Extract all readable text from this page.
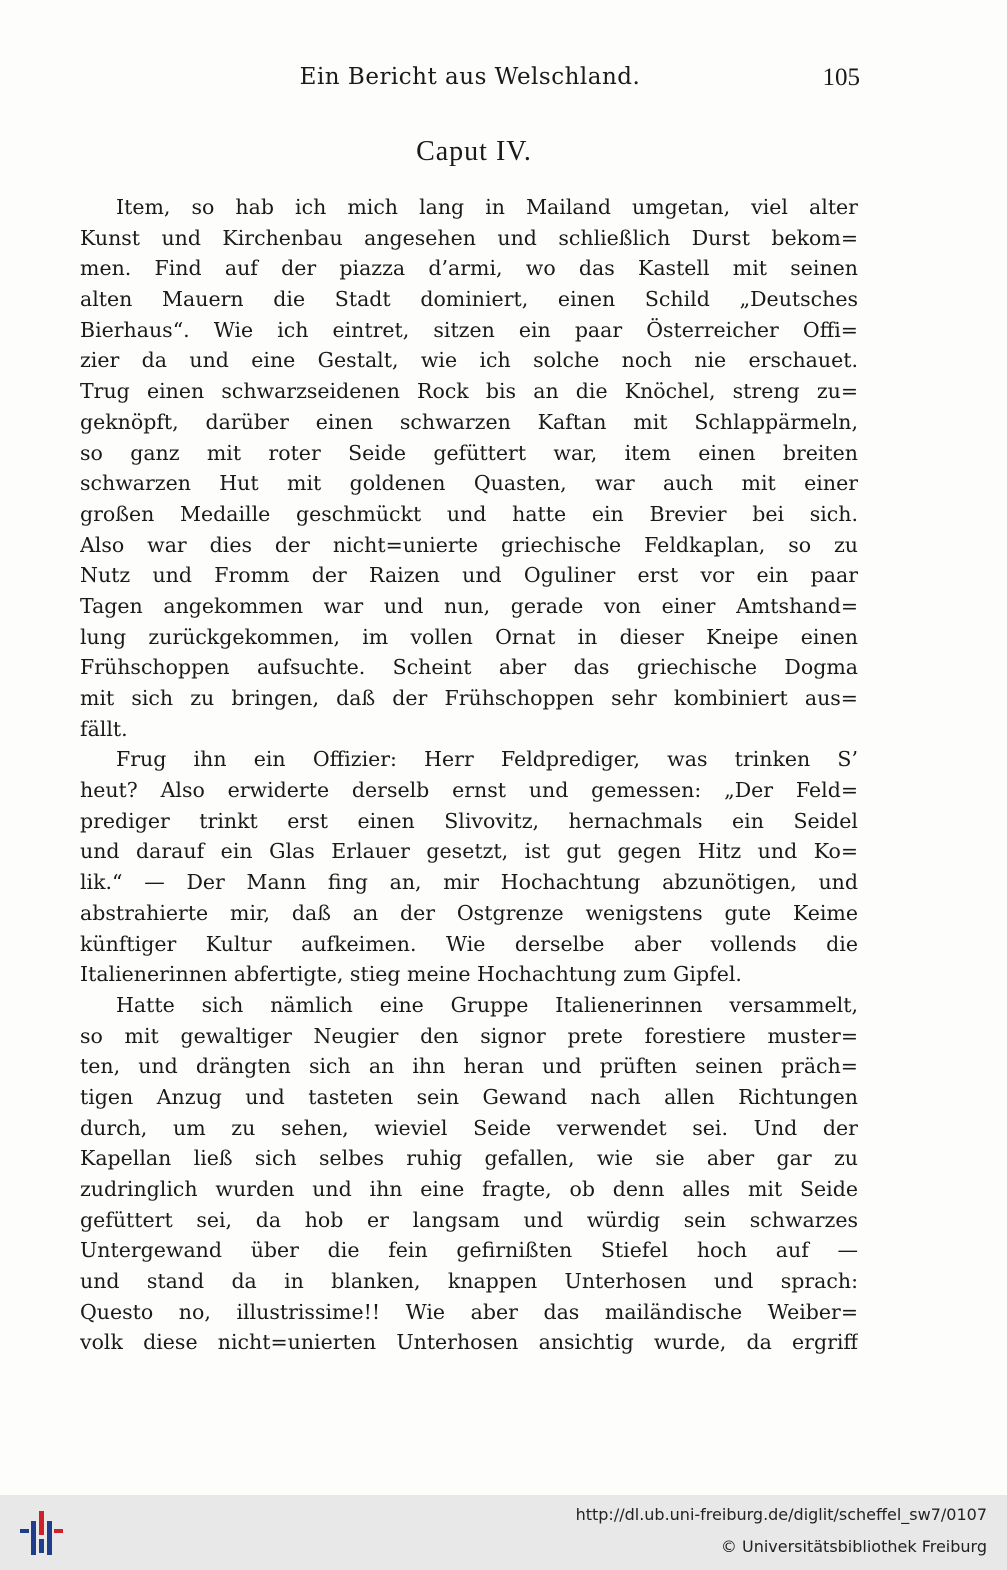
Ein Bericht aus Welschland.	105
Caput IV.
Item, so hab ich mich lang in Mailand umgetan, viel alter
Kunst und Kirchenbau angesehen und schließlich Durst bekom=
men. Find auf der piazza d’armi, wo das Kastell mit seinen
alten Mauern die Stadt dominiert, einen Schild „Deutsches
Bierhaus“. Wie ich eintret, sitzen ein paar Österreicher Offi=
zier da und eine Gestalt, wie ich solche noch nie erschauet.
Trug einen schwarzseidenen Rock bis an die Knöchel, streng zu=
geknöpft, darüber einen schwarzen Kaftan mit Schlappärmeln,
so ganz mit roter Seide gefüttert war, item einen breiten
schwarzen Hut mit goldenen Quasten, war auch mit einer
großen Medaille geschmückt und hatte ein Brevier bei sich.
Also war dies der nicht=unierte griechische Feldkaplan, so zu
Nutz und Fromm der Raizen und Oguliner erst vor ein paar
Tagen angekommen war und nun, gerade von einer Amtshand=
lung zurückgekommen, im vollen Ornat in dieser Kneipe einen
Frühschoppen aufsuchte. Scheint aber das griechische Dogma
mit sich zu bringen, daß der Frühschoppen sehr kombiniert aus=
fällt.
Frug ihn ein Offizier: Herr Feldprediger, was trinken S’
heut? Also erwiderte derselb ernst und gemessen: „Der Feld=
prediger trinkt erst einen Slivovitz, hernachmals ein Seidel
und darauf ein Glas Erlauer gesetzt, ist gut gegen Hitz und Ko=
lik.“ — Der Mann fing an, mir Hochachtung abzunötigen, und
abstrahierte mir, daß an der Ostgrenze wenigstens gute Keime
künftiger Kultur aufkeimen. Wie derselbe aber vollends die
Italienerinnen abfertigte, stieg meine Hochachtung zum Gipfel.
Hatte sich nämlich eine Gruppe Italienerinnen versammelt,
so mit gewaltiger Neugier den signor prete forestiere muster=
ten, und drängten sich an ihn heran und prüften seinen präch=
tigen Anzug und tasteten sein Gewand nach allen Richtungen
durch, um zu sehen, wieviel Seide verwendet sei. Und der
Kapellan ließ sich selbes ruhig gefallen, wie sie aber gar zu
zudringlich wurden und ihn eine fragte, ob denn alles mit Seide
gefüttert sei, da hob er langsam und würdig sein schwarzes
Untergewand über die fein gefirnißten Stiefel hoch auf —
und stand da in blanken, knappen Unterhosen und sprach:
Questo no, illustrissime!! Wie aber das mailändische Weiber=
volk diese nicht=unierten Unterhosen ansichtig wurde, da ergriff
http://dl.ub.uni-freiburg.de/diglit/scheffel_sw7/0107
© Universitätsbibliothek Freiburg
